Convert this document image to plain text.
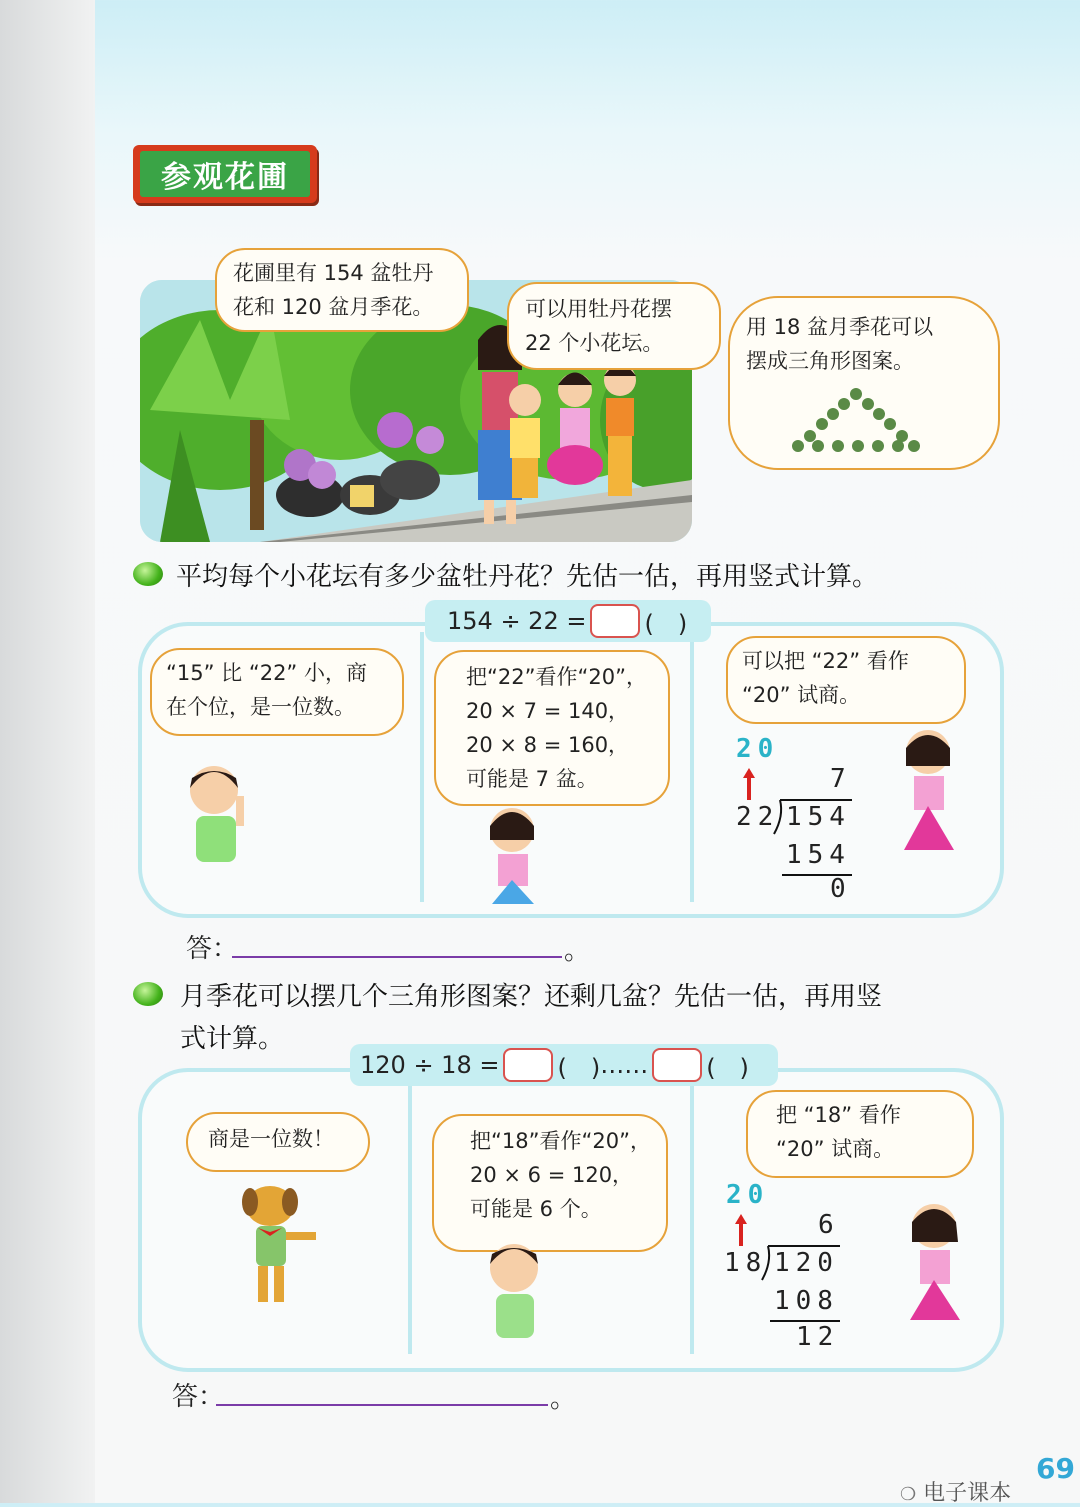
参观花圃
花圃里有 154 盆牡丹
花和 120 盆月季花。	可以用牡丹花摆
22 个小花坛。
用 18 盆月季花可以
摆成三角形图案。
平均每个小花坛有多少盆牡丹花？先估一估，再用竖式计算。
154 ÷ 22 = (　)
“15” 比 “22” 小，商
在个位，是一位数。
把“22”看作“20”，
20 × 7 = 140，
20 × 8 = 160，
可能是 7 盆。
可以把 “22” 看作
“20” 试商。
20
7
22 154
154
0
答：	。
月季花可以摆几个三角形图案？还剩几盆？先估一估，再用竖
式计算。
120 ÷ 18 = (　) …… (　)
商是一位数！	把“18”看作“20”，
20 × 6 = 120，
可能是 6 个。
把 “18” 看作
“20” 试商。
20
6
18 120
108
12
答：	。
69
❍ 电子课本
